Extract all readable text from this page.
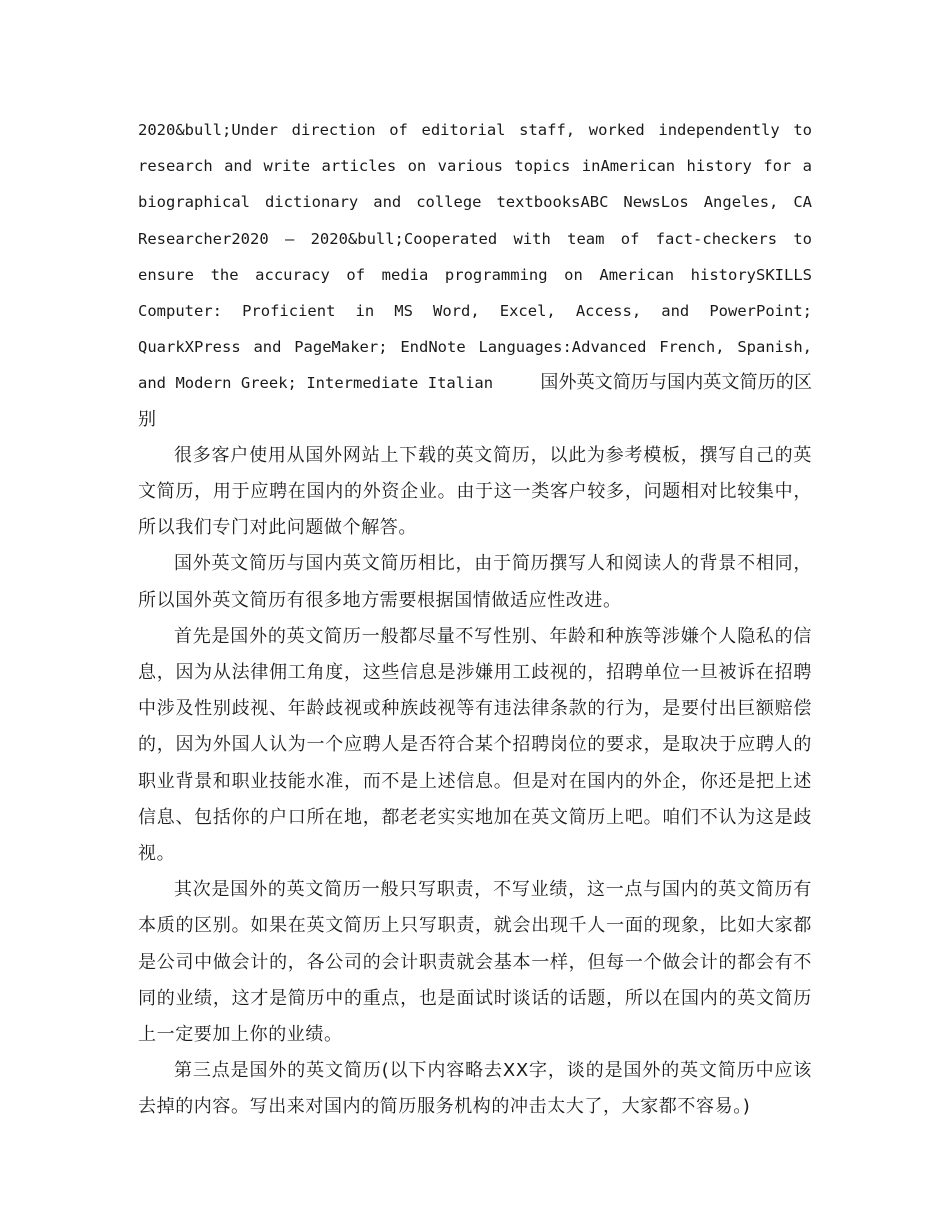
2020&bull;Under direction of editorial staff, worked independently to research and write articles on various topics inAmerican history for a biographical dictionary and college textbooksABC NewsLos Angeles, CA Researcher2020 – 2020&bull;Cooperated with team of fact-checkers to ensure the accuracy of media programming on American historySKILLS Computer: Proficient in MS Word, Excel, Access, and PowerPoint; QuarkXPress and PageMaker; EndNote Languages:Advanced French, Spanish, and Modern Greek; Intermediate Italian	国外英文简历与国内英文简历的区别

很多客户使用从国外网站上下载的英文简历，以此为参考模板，撰写自己的英文简历，用于应聘在国内的外资企业。由于这一类客户较多，问题相对比较集中，所以我们专门对此问题做个解答。

国外英文简历与国内英文简历相比，由于简历撰写人和阅读人的背景不相同，所以国外英文简历有很多地方需要根据国情做适应性改进。

首先是国外的英文简历一般都尽量不写性别、年龄和种族等涉嫌个人隐私的信息，因为从法律佣工角度，这些信息是涉嫌用工歧视的，招聘单位一旦被诉在招聘中涉及性别歧视、年龄歧视或种族歧视等有违法律条款的行为，是要付出巨额赔偿的，因为外国人认为一个应聘人是否符合某个招聘岗位的要求，是取决于应聘人的职业背景和职业技能水准，而不是上述信息。但是对在国内的外企，你还是把上述信息、包括你的户口所在地，都老老实实地加在英文简历上吧。咱们不认为这是歧视。

其次是国外的英文简历一般只写职责，不写业绩，这一点与国内的英文简历有本质的区别。如果在英文简历上只写职责，就会出现千人一面的现象，比如大家都是公司中做会计的，各公司的会计职责就会基本一样，但每一个做会计的都会有不同的业绩，这才是简历中的重点，也是面试时谈话的话题，所以在国内的英文简历上一定要加上你的业绩。

第三点是国外的英文简历(以下内容略去XX字，谈的是国外的英文简历中应该去掉的内容。写出来对国内的简历服务机构的冲击太大了，大家都不容易。)
